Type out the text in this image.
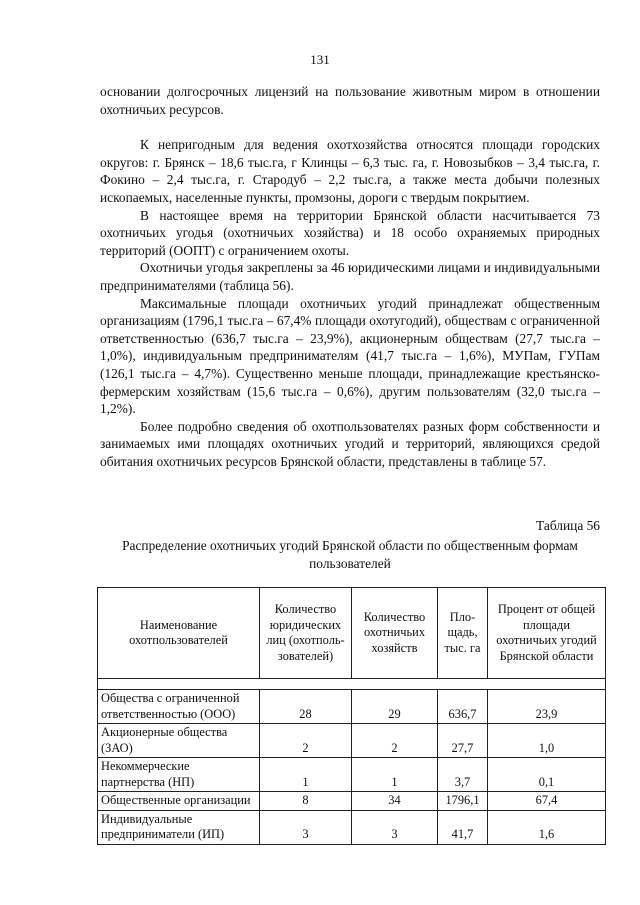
131

основании долгосрочных лицензий на пользование животным миром в отношении охотничьих ресурсов.

К непригодным для ведения охотхозяйства относятся площади городских округов: г. Брянск – 18,6 тыс.га, г Клинцы – 6,3 тыс. га, г. Новозыбков – 3,4 тыс.га, г. Фокино – 2,4 тыс.га, г. Стародуб – 2,2 тыс.га, а также места добычи полезных ископаемых, населенные пункты, промзоны, дороги с твердым покрытием.

В настоящее время на территории Брянской области насчитывается 73 охотничьих угодья (охотничьих хозяйства) и 18 особо охраняемых природных территорий (ООПТ) с ограничением охоты.

Охотничьи угодья закреплены за 46 юридическими лицами и индивидуальными предпринимателями (таблица 56).

Максимальные площади охотничьих угодий принадлежат общественным организациям (1796,1 тыс.га – 67,4% площади охотугодий), обществам с ограниченной ответственностью (636,7 тыс.га – 23,9%), акционерным обществам (27,7 тыс.га – 1,0%), индивидуальным предпринимателям (41,7 тыс.га – 1,6%), МУПам, ГУПам (126,1 тыс.га – 4,7%). Существенно меньше площади, принадлежащие крестьянско-фермерским хозяйствам (15,6 тыс.га – 0,6%), другим пользователям (32,0 тыс.га – 1,2%).

Более подробно сведения об охотпользователях разных форм собственности и занимаемых ими площадях охотничьих угодий и территорий, являющихся средой обитания охотничьих ресурсов Брянской области, представлены в таблице 57.

Таблица 56
Распределение охотничьих угодий Брянской области по общественным формам пользователей
Наименование охотпользователей	Количество юридических лиц (охотполь-зователей)	Количество охотничьих хозяйств	Пло-щадь, тыс. га	Процент от общей площади охотничьих угодий Брянской области

Общества с ограниченной ответственностью (ООО)	28	29	636,7	23,9
Акционерные общества (ЗАО)	2	2	27,7	1,0
Некоммерческие партнерства (НП)	1	1	3,7	0,1
Общественные организации	8	34	1796,1	67,4
Индивидуальные предприниматели (ИП)	3	3	41,7	1,6
